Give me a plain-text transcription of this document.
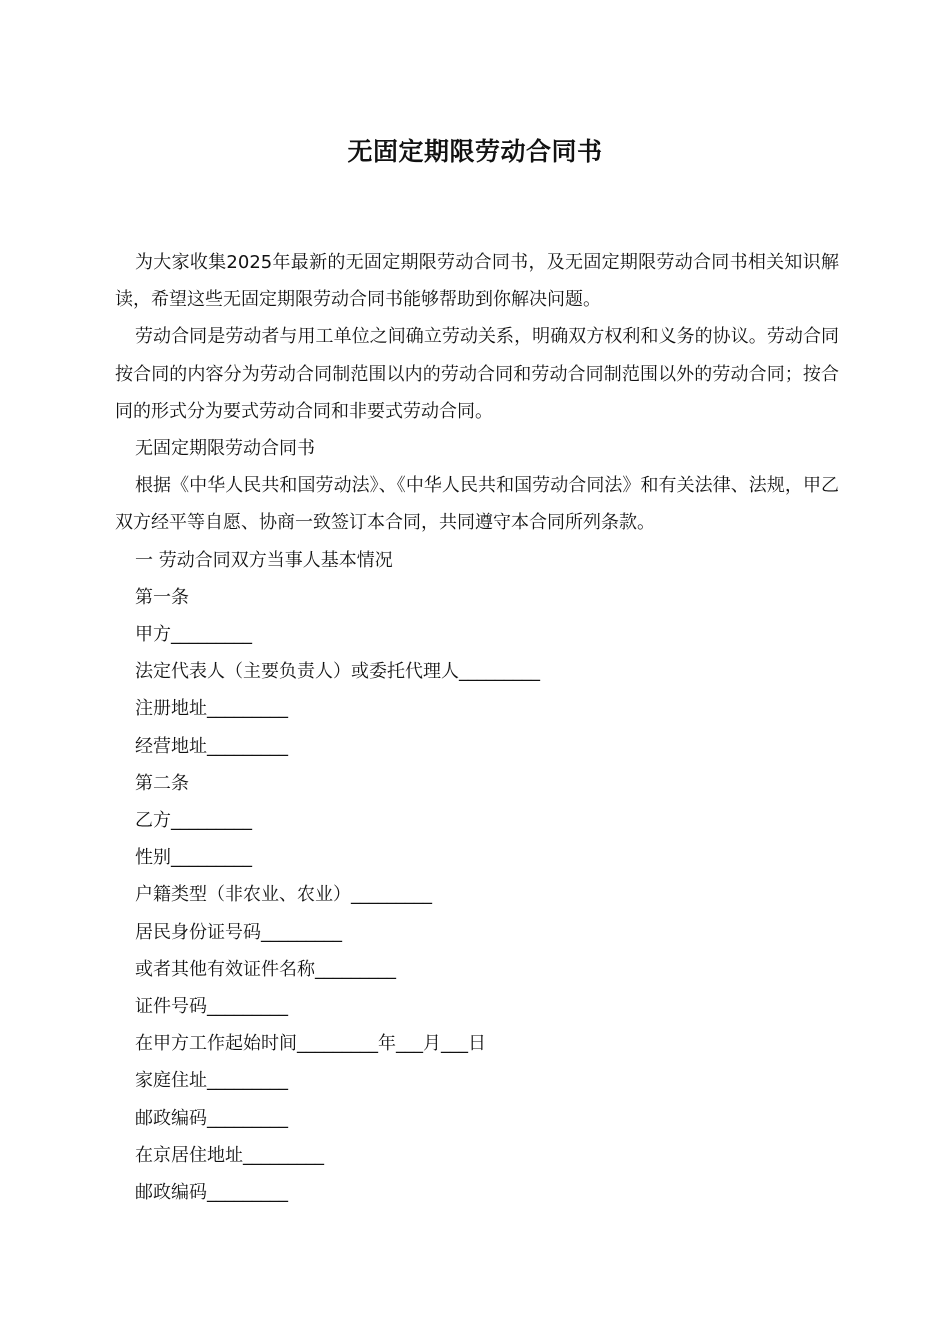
无固定期限劳动合同书

为大家收集2025年最新的无固定期限劳动合同书，及无固定期限劳动合同书相关知识解读，希望这些无固定期限劳动合同书能够帮助到你解决问题。

劳动合同是劳动者与用工单位之间确立劳动关系，明确双方权利和义务的协议。劳动合同按合同的内容分为劳动合同制范围以内的劳动合同和劳动合同制范围以外的劳动合同；按合同的形式分为要式劳动合同和非要式劳动合同。

无固定期限劳动合同书

根据《中华人民共和国劳动法》、《中华人民共和国劳动合同法》和有关法律、法规，甲乙双方经平等自愿、协商一致签订本合同，共同遵守本合同所列条款。

一 劳动合同双方当事人基本情况

第一条

甲方_________

法定代表人（主要负责人）或委托代理人_________

注册地址_________

经营地址_________

第二条

乙方_________

性别_________

户籍类型（非农业、农业）_________

居民身份证号码_________

或者其他有效证件名称_________

证件号码_________

在甲方工作起始时间_________年___月___日

家庭住址_________

邮政编码_________

在京居住地址_________

邮政编码_________
